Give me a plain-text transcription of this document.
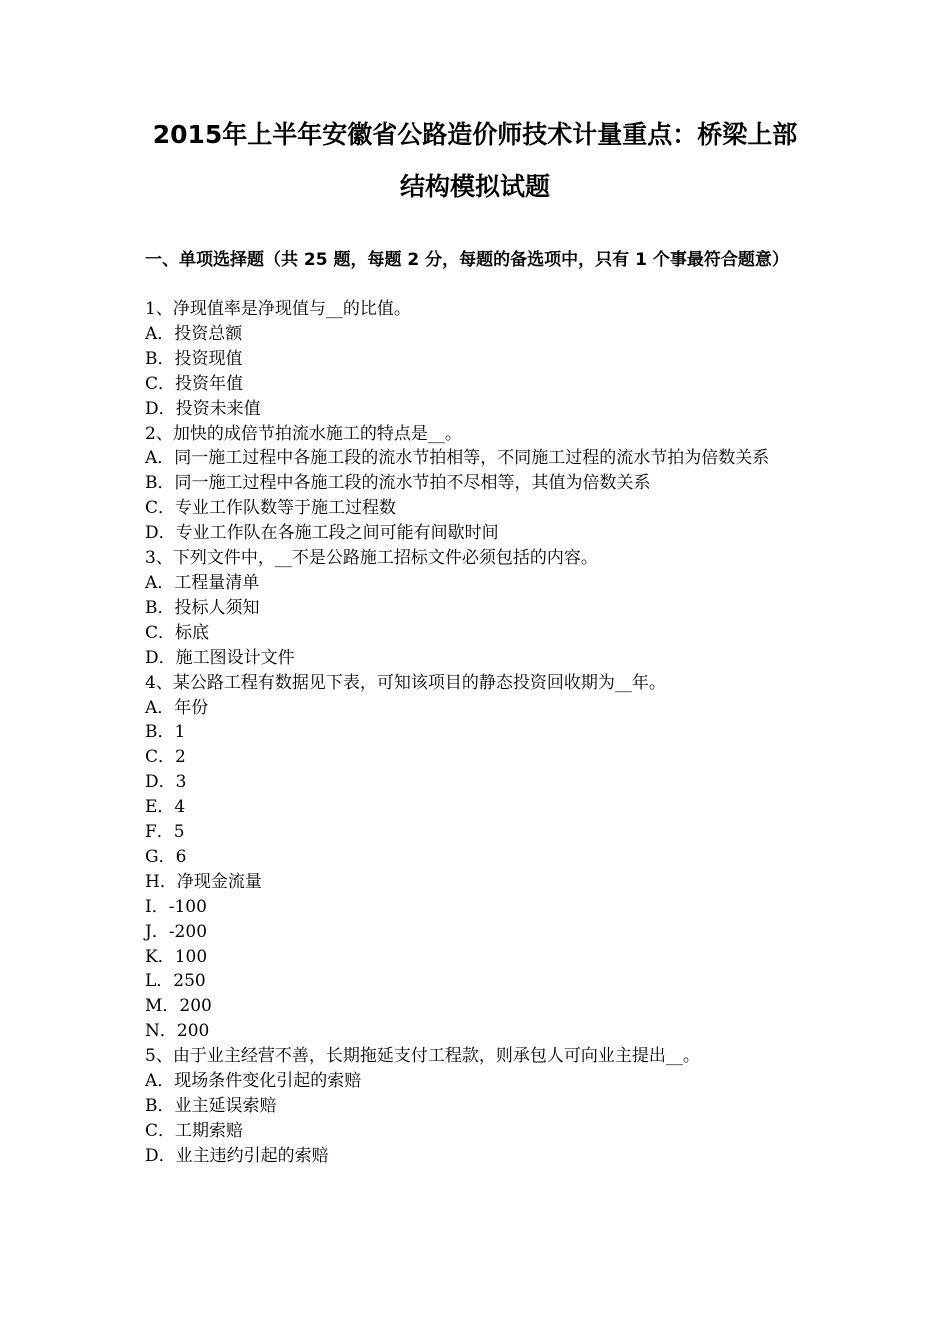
2015年上半年安徽省公路造价师技术计量重点：桥梁上部
结构模拟试题

一、单项选择题（共 25 题，每题 2 分，每题的备选项中，只有 1 个事最符合题意）

1、净现值率是净现值与__的比值。
A．投资总额
B．投资现值
C．投资年值
D．投资未来值
2、加快的成倍节拍流水施工的特点是__。
A．同一施工过程中各施工段的流水节拍相等，不同施工过程的流水节拍为倍数关系
B．同一施工过程中各施工段的流水节拍不尽相等，其值为倍数关系
C．专业工作队数等于施工过程数
D．专业工作队在各施工段之间可能有间歇时间
3、下列文件中，__不是公路施工招标文件必须包括的内容。
A．工程量清单
B．投标人须知
C．标底
D．施工图设计文件
4、某公路工程有数据见下表，可知该项目的静态投资回收期为__年。
A．年份
B．1
C．2
D．3
E．4
F．5
G．6
H．净现金流量
I．-100
J．-200
K．100
L．250
M．200
N．200
5、由于业主经营不善，长期拖延支付工程款，则承包人可向业主提出__。
A．现场条件变化引起的索赔
B．业主延误索赔
C．工期索赔
D．业主违约引起的索赔
